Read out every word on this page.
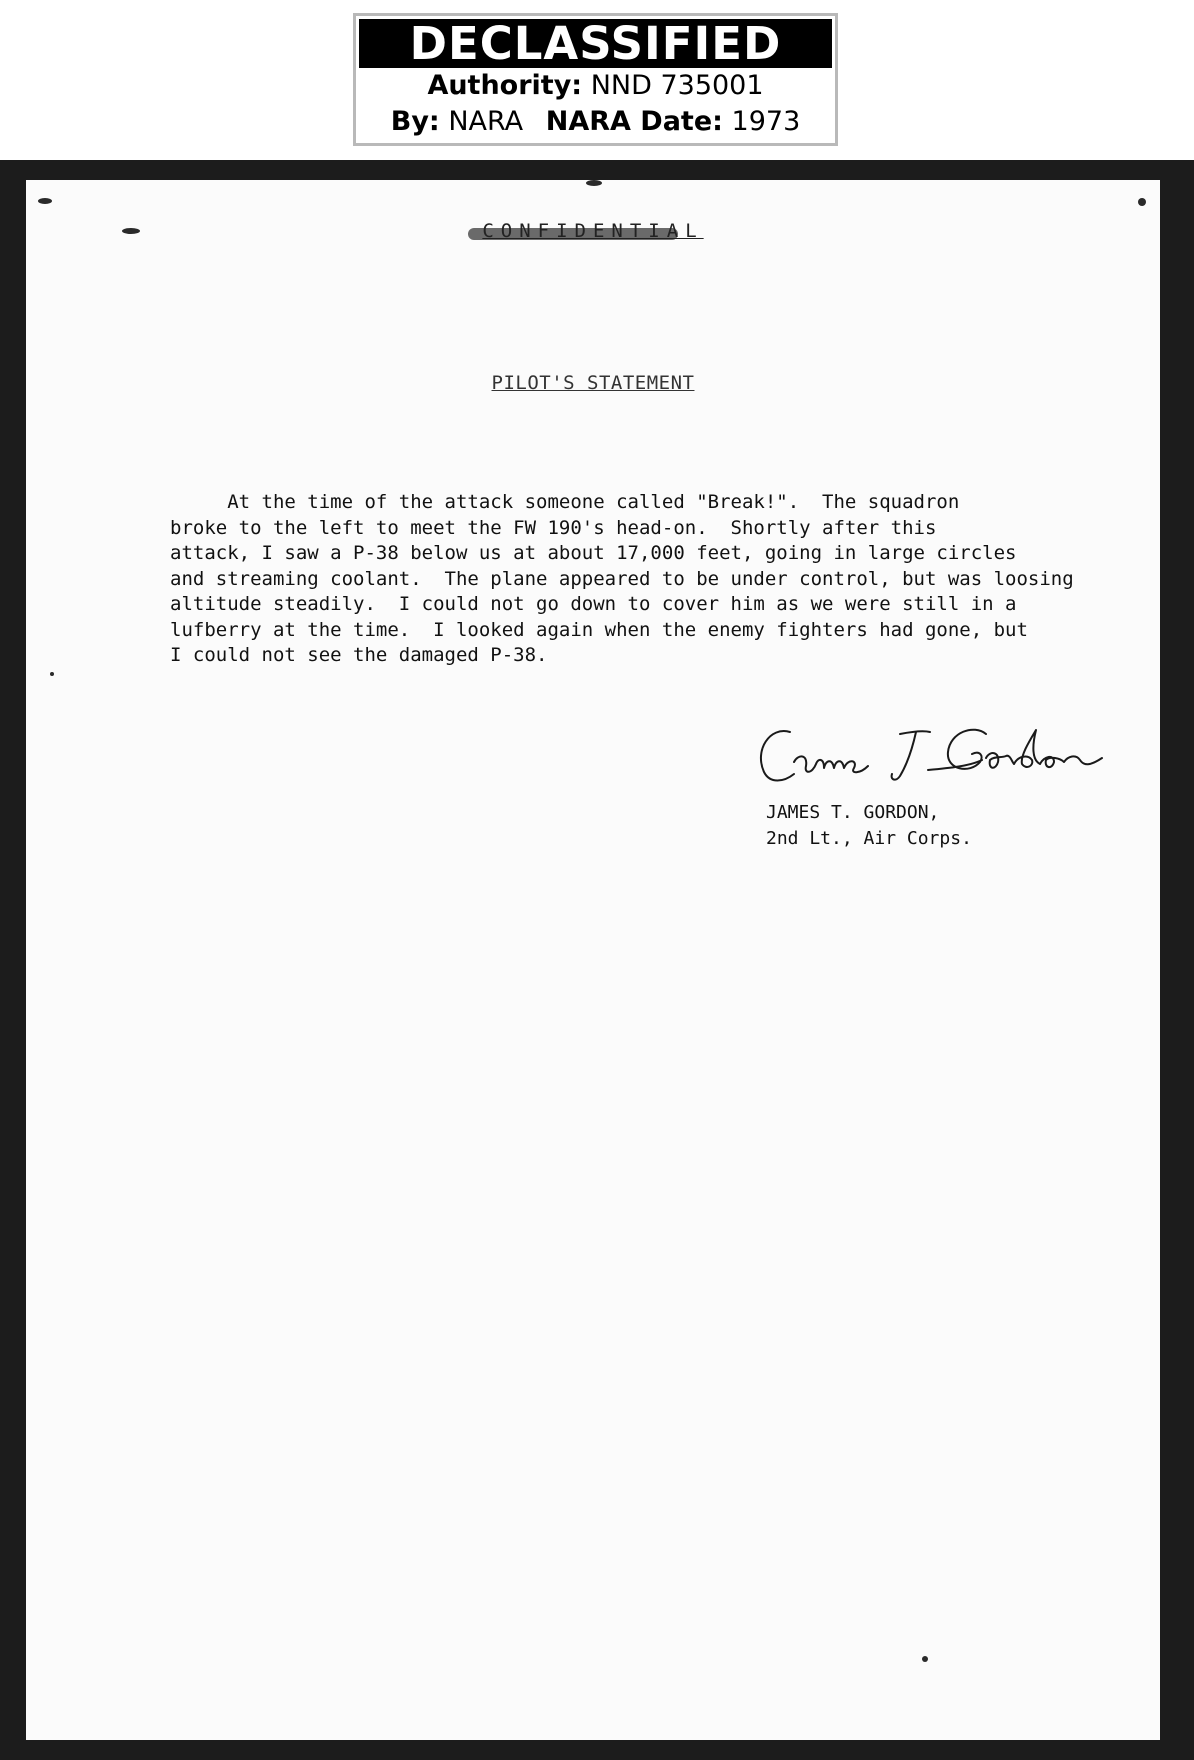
DECLASSIFIED
Authority: NND 735001
By: NARA NARA Date: 1973
CONFIDENTIAL
PILOT'S STATEMENT
At the time of the attack someone called "Break!".  The squadron
broke to the left to meet the FW 190's head-on.  Shortly after this
attack, I saw a P-38 below us at about 17,000 feet, going in large circles
and streaming coolant.  The plane appeared to be under control, but was loosing
altitude steadily.  I could not go down to cover him as we were still in a
lufberry at the time.  I looked again when the enemy fighters had gone, but
I could not see the damaged P-38.
JAMES T. GORDON,
2nd Lt., Air Corps.
